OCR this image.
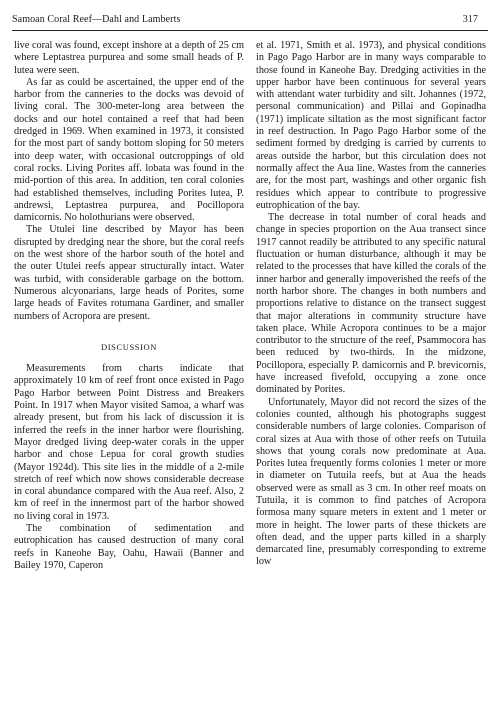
Samoan Coral Reef—Dahl and Lamberts	317

live coral was found, except inshore at a depth of 25 cm where Leptastrea purpurea and some small heads of P. lutea were seen.

As far as could be ascertained, the upper end of the harbor from the canneries to the docks was devoid of living coral. The 300-meter-long area between the docks and our hotel contained a reef that had been dredged in 1969. When examined in 1973, it consisted for the most part of sandy bottom sloping for 50 meters into deep water, with occasional outcroppings of old coral rocks. Living Porites aff. lobata was found in the mid-portion of this area. In addition, ten coral colonies had established themselves, including Porites lutea, P. andrewsi, Leptastrea purpurea, and Pocillopora damicornis. No holothurians were observed.

The Utulei line described by Mayor has been disrupted by dredging near the shore, but the coral reefs on the west shore of the harbor south of the hotel and the outer Utulei reefs appear structurally intact. Water was turbid, with considerable garbage on the bottom. Numerous alcyonarians, large heads of Porites, some large heads of Favites rotumana Gardiner, and smaller numbers of Acropora are present.

DISCUSSION

Measurements from charts indicate that approximately 10 km of reef front once existed in Pago Pago Harbor between Point Distress and Breakers Point. In 1917 when Mayor visited Samoa, a wharf was already present, but from his lack of discussion it is inferred the reefs in the inner harbor were flourishing. Mayor dredged living deep-water corals in the upper harbor and chose Lepua for coral growth studies (Mayor 1924d). This site lies in the middle of a 2-mile stretch of reef which now shows considerable decrease in coral abundance compared with the Aua reef. Also, 2 km of reef in the innermost part of the harbor showed no living coral in 1973.

The combination of sedimentation and eutrophication has caused destruction of many coral reefs in Kaneohe Bay, Oahu, Hawaii (Banner and Bailey 1970, Caperon

et al. 1971, Smith et al. 1973), and physical conditions in Pago Pago Harbor are in many ways comparable to those found in Kaneohe Bay. Dredging activities in the upper harbor have been continuous for several years with attendant water turbidity and silt. Johannes (1972, personal communication) and Pillai and Gopinadha (1971) implicate siltation as the most significant factor in reef destruction. In Pago Pago Harbor some of the sediment formed by dredging is carried by currents to areas outside the harbor, but this circulation does not normally affect the Aua line. Wastes from the canneries are, for the most part, washings and other organic fish residues which appear to contribute to progressive eutrophication of the bay.

The decrease in total number of coral heads and change in species proportion on the Aua transect since 1917 cannot readily be attributed to any specific natural fluctuation or human disturbance, although it may be related to the processes that have killed the corals of the inner harbor and generally impoverished the reefs of the north harbor shore. The changes in both numbers and proportions relative to distance on the transect suggest that major alterations in community structure have taken place. While Acropora continues to be a major contributor to the structure of the reef, Psammocora has been reduced by two-thirds. In the midzone, Pocillopora, especially P. damicornis and P. brevicornis, have increased fivefold, occupying a zone once dominated by Porites.

Unfortunately, Mayor did not record the sizes of the colonies counted, although his photographs suggest considerable numbers of large colonies. Comparison of coral sizes at Aua with those of other reefs on Tutuila shows that young corals now predominate at Aua. Porites lutea frequently forms colonies 1 meter or more in diameter on Tutuila reefs, but at Aua the heads observed were as small as 3 cm. In other reef moats on Tutuila, it is common to find patches of Acropora formosa many square meters in extent and 1 meter or more in height. The lower parts of these thickets are often dead, and the upper parts killed in a sharply demarcated line, presumably corresponding to extreme low
